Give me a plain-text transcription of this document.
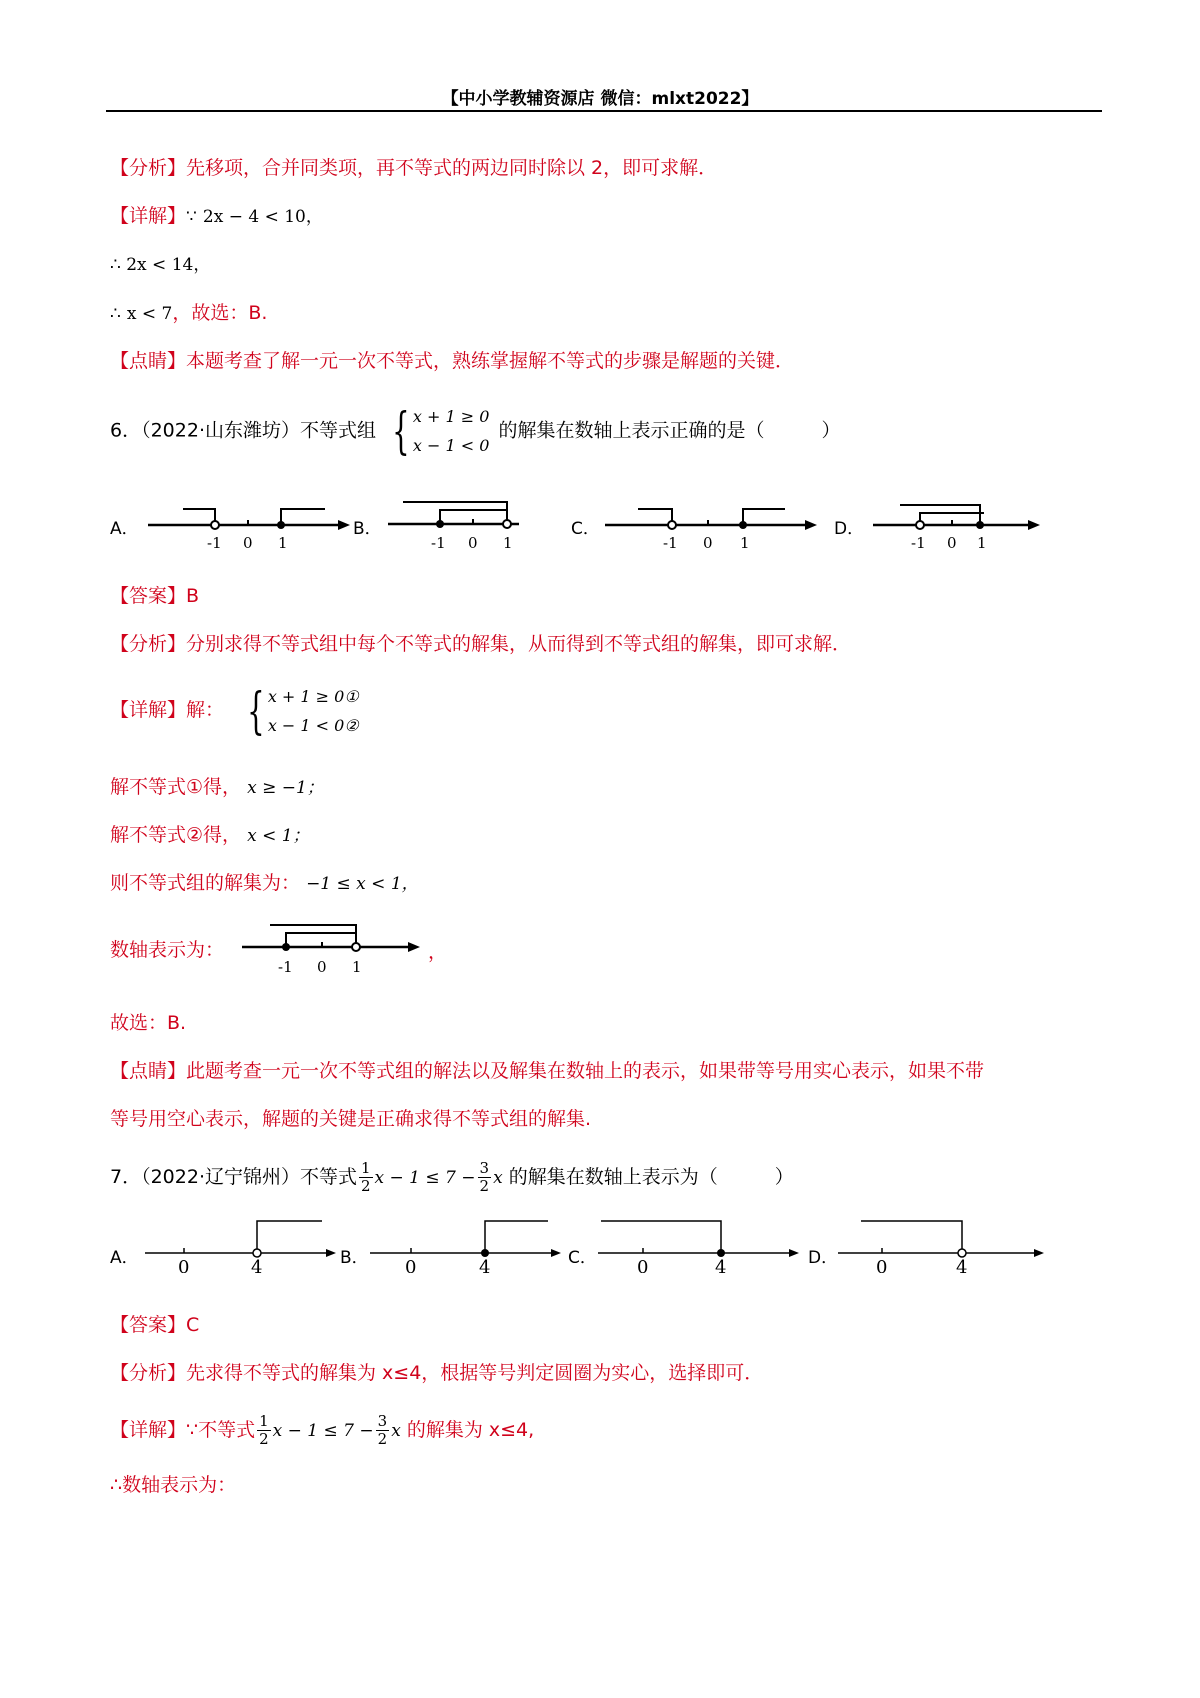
【中小学教辅资源店 微信：mlxt2022】
【分析】先移项，合并同类项，再不等式的两边同时除以 2，即可求解．
【详解】∵ 2x − 4 < 10，
∴ 2x < 14，
∴ x < 7，故选：B.
【点睛】本题考查了解一元一次不等式，熟练掌握解不等式的步骤是解题的关键．
6．（2022·山东潍坊）不等式组 { x + 1 ≥ 0
x − 1 < 0
的解集在数轴上表示正确的是（　　　）
A．
-1 0 1
B．
-1 0 1
C．
-1 0 1
D．
-1 0 1
【答案】B
【分析】分别求得不等式组中每个不等式的解集，从而得到不等式组的解集，即可求解．
【详解】解： { x + 1 ≥ 0①
x − 1 < 0②
解不等式①得， x ≥ −1；
解不等式②得， x < 1；
则不等式组的解集为： −1 ≤ x < 1，
数轴表示为：
-1 0 1
，
故选：B.
【点睛】此题考查一元一次不等式组的解法以及解集在数轴上的表示，如果带等号用实心表示，如果不带
等号用空心表示，解题的关键是正确求得不等式组的解集.
7．（2022·辽宁锦州）不等式 $\frac{1}{2}$ $x - 1 \le 7 - \frac{3}{2}$ x 的解集在数轴上表示为（　　　）
A． 0	4	B． 0	4	C． 0	4	D． 0	4
【答案】C
【分析】先求得不等式的解集为 x≤4，根据等号判定圆圈为实心，选择即可．
【详解】∵不等式 $\frac{1}{2}$ $x - 1 \le 7 - \frac{3}{2}$ x 的解集为 x≤4,
∴数轴表示为：
